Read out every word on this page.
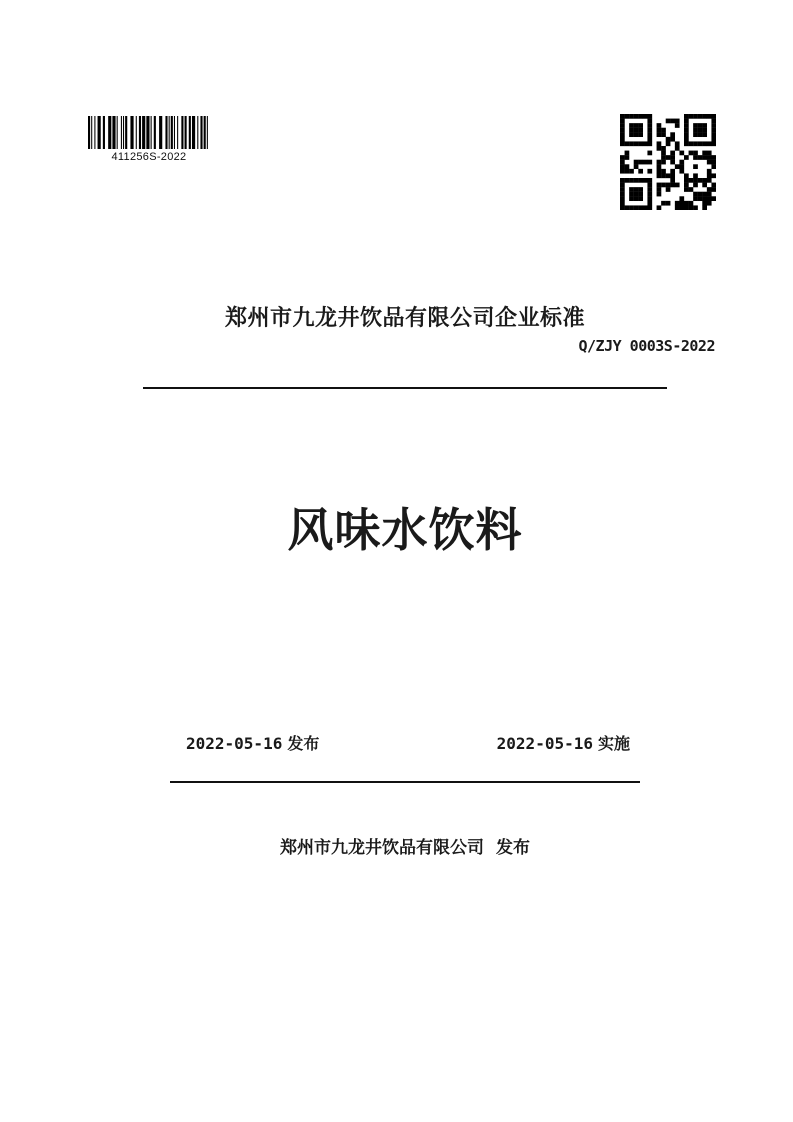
411256S-2022
郑州市九龙井饮品有限公司企业标准
Q/ZJY 0003S-2022
风味水饮料
2022-05-16 发布	2022-05-16 实施
郑州市九龙井饮品有限公司 发布
